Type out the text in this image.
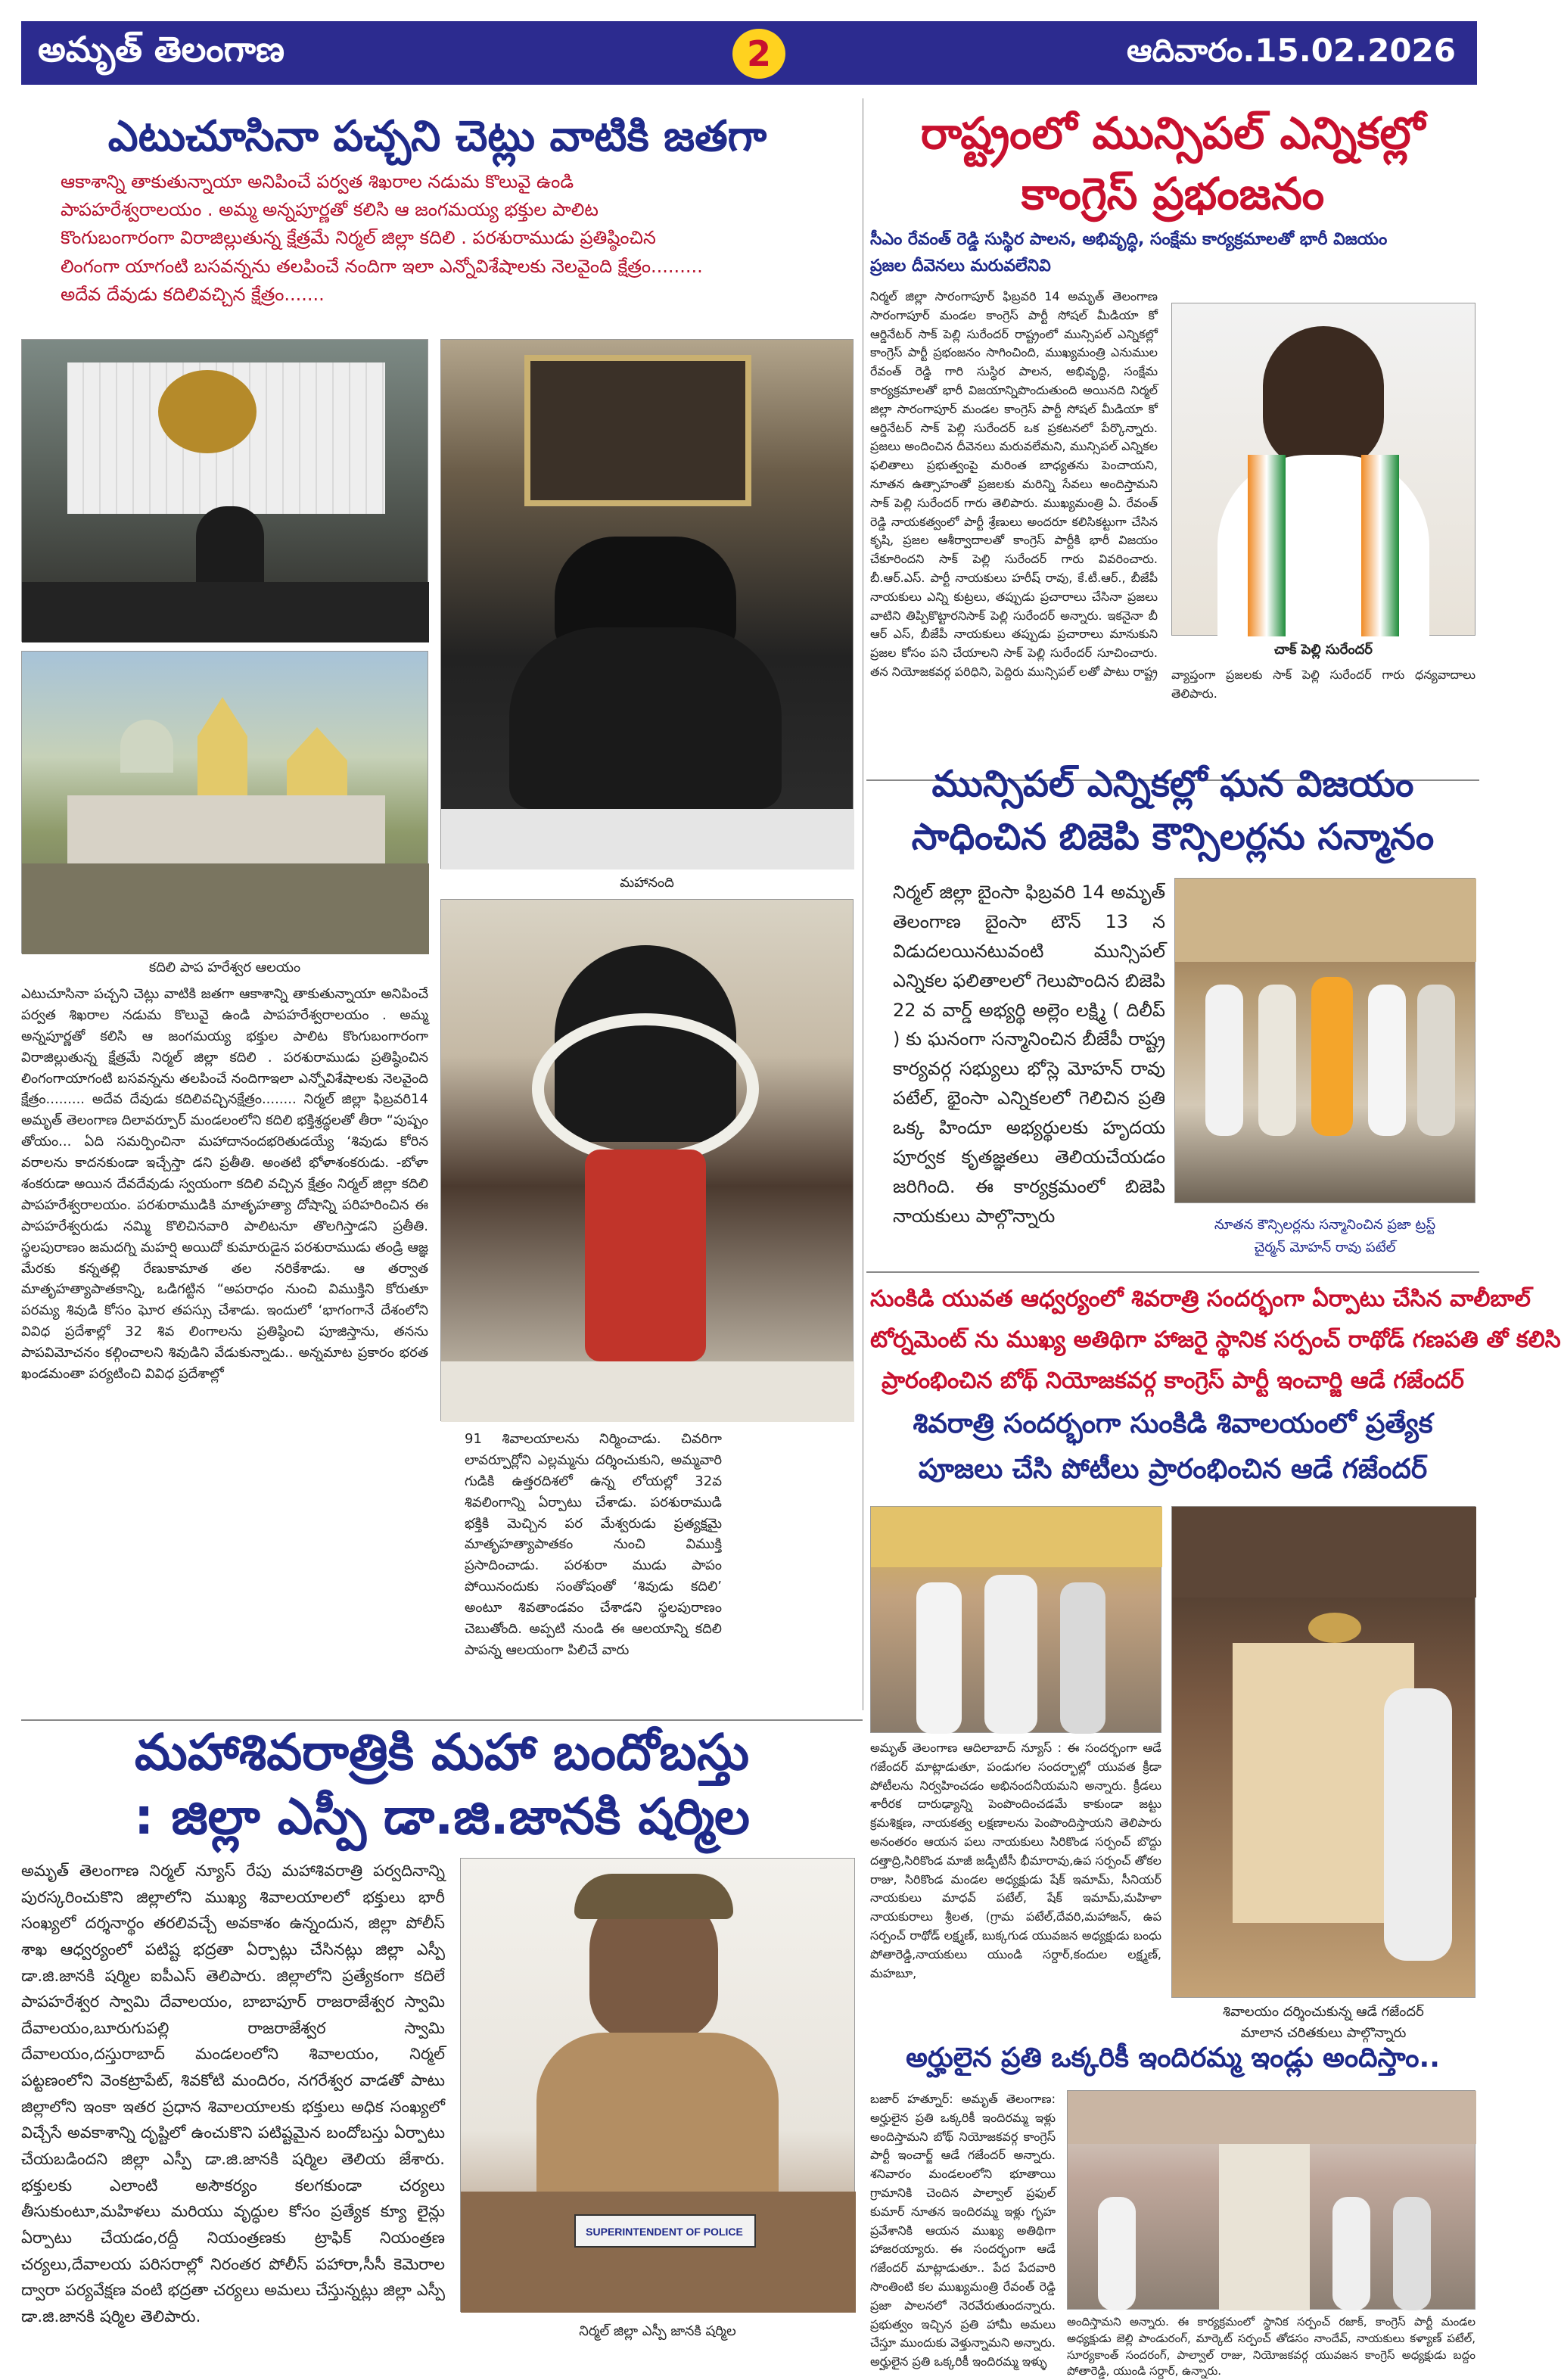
అమృత్ తెలంగాణ	2	ఆదివారం.15.02.2026
ఎటుచూసినా పచ్చని చెట్లు వాటికి జతగా
ఆకాశాన్ని తాకుతున్నాయా అనిపించే పర్వత శిఖరాల నడుమ కొలువై ఉండి
పాపహరేశ్వరాలయం . అమ్మ అన్నపూర్ణతో కలిసి ఆ జంగమయ్య భక్తుల పాలిట
కొంగుబంగారంగా విరాజిల్లుతున్న క్షేత్రమే నిర్మల్ జిల్లా కదిలి . పరశురాముడు ప్రతిష్ఠించిన
లింగంగా యాగంటి బసవన్నను తలపించే నందిగా ఇలా ఎన్నోవిశేషాలకు నెలవైంది క్షేత్రం.........
అదేవ దేవుడు కదిలివచ్చిన క్షేత్రం.......
కదిలి పాప హరేశ్వర ఆలయం
మహానంది
ఎటుచూసినా పచ్చని చెట్లు వాటికి జతగా ఆకాశాన్ని తాకుతున్నాయా అనిపించే పర్వత శిఖరాల నడుమ కొలువై ఉండి పాపహరేశ్వరాలయం . అమ్మ అన్నపూర్ణతో కలిసి ఆ జంగమయ్య భక్తుల పాలిట కొంగుబంగారంగా విరాజిల్లుతున్న క్షేత్రమే నిర్మల్ జిల్లా కదిలి . పరశురాముడు ప్రతిష్ఠించిన లింగంగాయాగంటి బసవన్నను తలపించే నందిగాఇలా ఎన్నోవిశేషాలకు నెలవైంది క్షేత్రం......... అదేవ దేవుడు కదిలివచ్చినక్షేత్రం........ నిర్మల్ జిల్లా ఫిబ్రవరి14 అమృత్ తెలంగాణ దిలావర్పూర్ మండలంలోని కదిలి భక్తిశ్రద్ధలతో తీరా “పుష్పం తోయం... ఏది సమర్పించినా మహాదానందభరితుడయ్యే ‘శివుడు కోరిన వరాలను కాదనకుండా ఇచ్చేస్తా డని ప్రతీతి. అంతటి భోళాశంకరుడు. -బోళా శంకరుడా అయిన దేవదేవుడు స్వయంగా కదిలి వచ్చిన క్షేత్రం నిర్మల్ జిల్లా కదిలి పాపహరేశ్వరాలయం. పరశురాముడికి మాతృహత్యా దోషాన్ని పరిహరించిన ఈ పాపహరేశ్వరుడు నమ్మి కొలిచినవారి పాలిటనూ తొలగిస్తాడని ప్రతీతి. స్థలపురాణం జమదగ్ని మహర్షి అయిదో కుమారుడైన పరశురాముడు తండ్రి ఆజ్ఞ మేరకు కన్నతల్లి రేణుకామాత తల నరికేశాడు. ఆ తర్వాత మాతృహత్యాపాతకాన్ని, ఒడిగట్టిన “అపరాధం నుంచి విముక్తిని కోరుతూ పరమ్య శివుడి కోసం ఘోర తపస్సు చేశాడు. ఇందులో ‘భాగంగానే దేశంలోని వివిధ ప్రదేశాల్లో 32 శివ లింగాలను ప్రతిష్ఠించి పూజిస్తాను, తనను పాపవిమోచనం కల్గించాలని శివుడిని వేడుకున్నాడు.. అన్నమాట ప్రకారం భరత ఖండమంతా పర్యటించి వివిధ ప్రదేశాల్లో
91 శివాలయాలను నిర్మించాడు. చివరిగా లావర్పూర్లోని ఎల్లమ్మను దర్శించుకుని, అమ్మవారి గుడికి ఉత్తరదిశలో ఉన్న లోయల్లో 32వ శివలింగాన్ని ఏర్పాటు చేశాడు. పరశురాముడి భక్తికి మెచ్చిన పర మేశ్వరుడు ప్రత్యక్షమై మాతృహత్యాపాతకం నుంచి విముక్తి ప్రసాదించాడు. పరశురా ముడు పాపం పోయినందుకు సంతోషంతో ‘శివుడు కదిలి’ అంటూ శివతాండవం చేశాడని స్థలపురాణం చెబుతోంది. అప్పటి నుండి ఈ ఆలయాన్ని కదిలి పాపన్న ఆలయంగా పిలిచే వారు
రాష్ట్రంలో మున్సిపల్ ఎన్నికల్లో
కాంగ్రెస్ ప్రభంజనం
సీఎం రేవంత్ రెడ్డి సుస్థిర పాలన, అభివృద్ధి, సంక్షేమ కార్యక్రమాలతో భారీ విజయం
ప్రజల దీవెనలు మరువలేనివి
నిర్మల్ జిల్లా సారంగాపూర్ ఫిబ్రవరి 14 అమృత్ తెలంగాణ సారంగాపూర్ మండల కాంగ్రెస్ పార్టీ సోషల్ మీడియా కో ఆర్డినేటర్ సాక్ పెల్లి సురేందర్ రాష్ట్రంలో మున్సిపల్ ఎన్నికల్లో కాంగ్రెస్ పార్టీ ప్రభంజనం సాగించింది, ముఖ్యమంత్రి ఎనుముల రేవంత్ రెడ్డి గారి సుస్థిర పాలన, అభివృద్ధి, సంక్షేమ కార్యక్రమాలతో భారీ విజయాన్నిపొందుతుంది అయినది నిర్మల్ జిల్లా సారంగాపూర్ మండల కాంగ్రెస్ పార్టీ సోషల్ మీడియా కో ఆర్డినేటర్ సాక్ పెల్లి సురేందర్ ఒక ప్రకటనలో పేర్కొన్నారు. ప్రజలు అందించిన దీవెనలు మరువలేమని, మున్సిపల్ ఎన్నికల ఫలితాలు ప్రభుత్వంపై మరింత బాధ్యతను పెంచాయని, నూతన ఉత్సాహంతో ప్రజలకు మరిన్ని సేవలు అందిస్తామని సాక్ పెల్లి సురేందర్ గారు తెలిపారు. ముఖ్యమంత్రి ఏ. రేవంత్ రెడ్డి నాయకత్వంలో పార్టీ శ్రేణులు అందరూ కలిసికట్టుగా చేసిన కృషి, ప్రజల ఆశీర్వాదాలతో కాంగ్రెస్ పార్టీకి భారీ విజయం చేకూరిందని సాక్ పెల్లి సురేందర్ గారు వివరించారు. బీ.ఆర్.ఎస్. పార్టీ నాయకులు హరీష్ రావు, కే.టీ.ఆర్., బీజేపీ నాయకులు ఎన్ని కుట్రలు, తప్పుడు ప్రచారాలు చేసినా ప్రజలు వాటిని తిప్పికొట్టారనిసాక్ పెల్లి సురేందర్ అన్నారు. ఇకనైనా బీ ఆర్ ఎస్, బీజేపీ నాయకులు తప్పుడు ప్రచారాలు మానుకుని ప్రజల కోసం పని చేయాలని సాక్ పెల్లి సురేందర్ సూచించారు. తన నియోజకవర్గ పరిధిని, పెద్దిరు మున్సిపల్ లతో పాటు రాష్ట్ర
చాక్ పెల్లి సురేందర్
వ్యాప్తంగా ప్రజలకు సాక్ పెల్లి సురేందర్ గారు ధన్యవాదాలు తెలిపారు.
మున్సిపల్ ఎన్నికల్లో ఘన విజయం
సాధించిన బిజెపి కౌన్సిలర్లను సన్మానం
నిర్మల్ జిల్లా బైంసా ఫిబ్రవరి 14 అమృత్ తెలంగాణ బైంసా టౌన్ 13 న విడుదలయినటువంటి మున్సిపల్ ఎన్నికల ఫలితాలలో గెలుపొందిన బిజెపి 22 వ వార్డ్ అభ్యర్థి అల్లెం లక్ష్మి ( దిలీప్ ) కు ఘనంగా సన్మానించిన బీజేపీ రాష్ట్ర కార్యవర్గ సభ్యులు భోస్లె మోహన్ రావు పటేల్, భైంసా ఎన్నికలలో గెలిచిన ప్రతి ఒక్క హిందూ అభ్యర్థులకు హృదయ పూర్వక కృతజ్ఞతలు తెలియచేయడం జరిగింది. ఈ కార్యక్రమంలో బిజెపి నాయకులు పాల్గొన్నారు	నూతన కౌన్సిలర్లను సన్మానించిన ప్రజా ట్రస్ట్
చైర్మన్ మోహన్ రావు పటేల్
సుంకిడి యువత ఆధ్వర్యంలో శివరాత్రి సందర్భంగా ఏర్పాటు చేసిన వాలీబాల్
టోర్నమెంట్ ను ముఖ్య అతిథిగా హాజరై స్థానిక సర్పంచ్ రాథోడ్ గణపతి తో కలిసి
ప్రారంభించిన బోథ్ నియోజకవర్గ కాంగ్రెస్ పార్టీ ఇంచార్జి ఆడే గజేందర్
శివరాత్రి సందర్భంగా సుంకిడి శివాలయంలో ప్రత్యేక
పూజలు చేసి పోటీలు ప్రారంభించిన ఆడే గజేందర్
శివాలయం దర్శించుకున్న ఆడే గజేందర్
మాలాన చరితకులు పాల్గొన్నారు
అమృత్ తెలంగాణ ఆదిలాబాద్ న్యూస్ : ఈ సందర్భంగా ఆడే గజేందర్ మాట్లాడుతూ, పండుగల సందర్భాల్లో యువత క్రీడా పోటీలను నిర్వహించడం అభినందనీయమని అన్నారు. క్రీడలు శారీరక దారుఢ్యాన్ని పెంపొందించడమే కాకుండా జట్టు క్రమశిక్షణ, నాయకత్వ లక్షణాలను పెంపొందిస్తాయని తెలిపారు అనంతరం ఆయన పలు నాయకులు సిరికొండ సర్పంచ్ బొద్దు దత్తాద్రి,సిరికొండ మాజీ జడ్పీటీసీ భీమారావు,ఉప సర్పంచ్ తోకల రాజు, సిరికొండ మండల అధ్యక్షుడు షేక్ ఇమామ్, సీనియర్ నాయకులు మాధవ్ పటేల్, షేక్ ఇమామ్,మహిళా నాయకురాలు శ్రీలత, (గ్రామ పటేల్,దేవరి,మహాజన్, ఉప సర్పంచ్ రాథోడ్ లక్ష్మణ్, బుక్కగుడ యువజన అధ్యక్షుడు బంధు పోతారెడ్డి,నాయకులు యుండి సర్దార్,కందుల లక్ష్మణ్, మహబూ,
మహాశివరాత్రికి మహా బందోబస్తు
: జిల్లా ఎస్పీ డా.జి.జానకి షర్మిల
అమృత్ తెలంగాణ నిర్మల్ న్యూస్ రేపు మహాశివరాత్రి పర్వదినాన్ని పురస్కరించుకొని జిల్లాలోని ముఖ్య శివాలయాలలో భక్తులు భారీ సంఖ్యలో దర్శనార్థం తరలివచ్చే అవకాశం ఉన్నందున, జిల్లా పోలీస్ శాఖ ఆధ్వర్యంలో పటిష్ట భద్రతా ఏర్పాట్లు చేసినట్లు జిల్లా ఎస్పీ డా.జి.జానకి షర్మిల ఐపీఎస్ తెలిపారు. జిల్లాలోని ప్రత్యేకంగా కదిలే పాపహరేశ్వర స్వామి దేవాలయం, బాబాపూర్ రాజరాజేశ్వర స్వామి దేవాలయం,బూరుగుపల్లి రాజరాజేశ్వర స్వామి దేవాలయం,దస్తురాబాద్ మండలంలోని శివాలయం, నిర్మల్ పట్టణంలోని వెంకట్రాపేట్, శివకోటి మందిరం, నగరేశ్వర వాడతో పాటు జిల్లాలోని ఇంకా ఇతర ప్రధాన శివాలయాలకు భక్తులు అధిక సంఖ్యలో విచ్చేసే అవకాశాన్ని దృష్టిలో ఉంచుకొని పటిష్టమైన బందోబస్తు ఏర్పాటు చేయబడిందని జిల్లా ఎస్పీ డా.జి.జానకి షర్మిల తెలియ జేశారు. భక్తులకు ఎలాంటి అసౌకర్యం కలగకుండా చర్యలు తీసుకుంటూ,మహిళలు మరియు వృద్ధుల కోసం ప్రత్యేక క్యూ లైన్లు ఏర్పాటు చేయడం,రద్దీ నియంత్రణకు ట్రాఫిక్ నియంత్రణ చర్యలు,దేవాలయ పరిసరాల్లో నిరంతర పోలీస్ పహారా,సీసీ కెమెరాల ద్వారా పర్యవేక్షణ వంటి భద్రతా చర్యలు అమలు చేస్తున్నట్లు జిల్లా ఎస్పీ డా.జి.జానకి షర్మిల తెలిపారు.
SUPERINTENDENT OF POLICE
నిర్మల్ జిల్లా ఎస్పీ జానకి షర్మిల
అర్హులైన ప్రతి ఒక్కరికీ ఇందిరమ్మ ఇండ్లు అందిస్తాం..
బజార్ హత్నూర్: అమృత్ తెలంగాణ: అర్హులైన ప్రతి ఒక్కరికీ ఇందిరమ్మ ఇళ్లు అందిస్తామని బోథ్ నియోజకవర్గ కాంగ్రెస్ పార్టీ ఇంచార్జ్ ఆడే గజేందర్ అన్నారు. శనివారం మండలంలోని భూతాయి గ్రామానికి చెందిన పాల్వాల్ ప్రఫుల్ కుమార్ నూతన ఇందిరమ్మ ఇళ్లు గృహ ప్రవేశానికి ఆయన ముఖ్య అతిథిగా హాజరయ్యారు. ఈ సందర్భంగా ఆడే గజేందర్ మాట్లాడుతూ.. పేద పేదవారి సొంతింటి కల ముఖ్యమంత్రి రేవంత్ రెడ్డి ప్రజా పాలనలో నెరవేరుతుందన్నారు. ప్రభుత్వం ఇచ్చిన ప్రతి హామీ అమలు చేస్తూ ముందుకు వెళ్తున్నామని అన్నారు. అర్హులైన ప్రతి ఒక్కరికీ ఇందిరమ్మ ఇళ్ళు
అందిస్తామని అన్నారు. ఈ కార్యక్రమంలో స్థానిక సర్పంచ్ రజాక్, కాంగ్రెస్ పార్టీ మండల అధ్యక్షుడు జెల్లి పాండురంగ్, మార్కెట్ సర్పంచ్ తోడసం నాందేవ్, నాయకులు కళ్యాణ్ పటేల్, సూర్యకాంత్ సందరంగ్, పాల్వాల్ రాజు, నియోజకవర్గ యువజన కాంగ్రెస్ అధ్యక్షుడు బద్దం పోతారెడ్డి, యుండి సర్దార్, ఉన్నారు.
